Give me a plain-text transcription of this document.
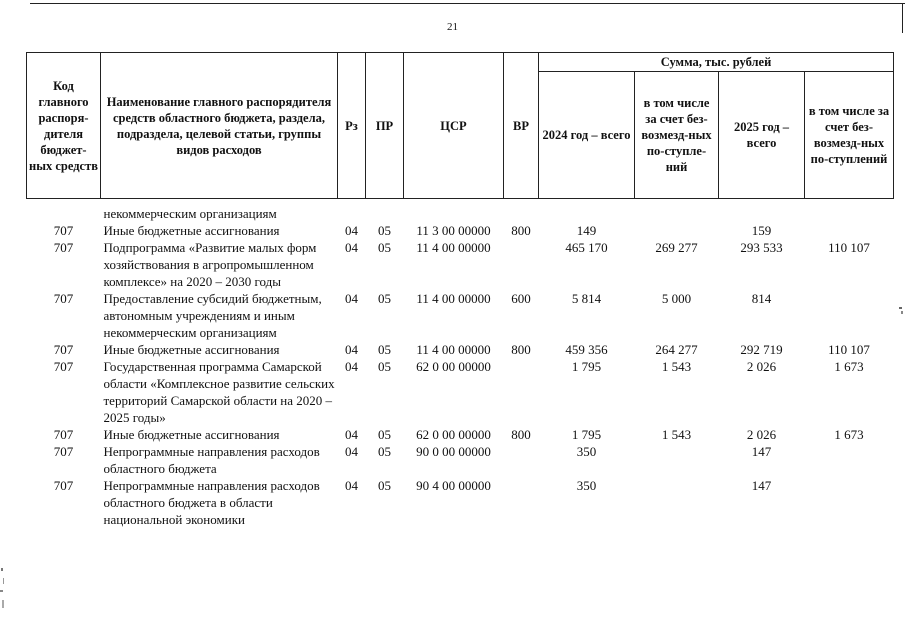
21
Код главного распоря-дителя бюджет-ных средств	Наименование главного распорядителя средств областного бюджета, раздела, подраздела, целевой статьи, группы видов расходов	Рз	ПР	ЦСР	ВР	Сумма, тыс. рублей			
						2024 год – всего	в том числе за счет без-возмезд-ных по-ступле-ний	2025 год – всего	в том числе за счет без-возмезд-ных по-ступлений

	некоммерческим организациям								
707	Иные бюджетные ассигнования	04	05	11 3 00 00000	800	149		159	
707	Подпрограмма «Развитие малых форм хозяйствования в агропромышленном комплексе» на 2020 – 2030 годы	04	05	11 4 00 00000		465 170	269 277	293 533	110 107
707	Предоставление субсидий бюджетным, автономным учреждениям и иным некоммерческим организациям	04	05	11 4 00 00000	600	5 814	5 000	814	
707	Иные бюджетные ассигнования	04	05	11 4 00 00000	800	459 356	264 277	292 719	110 107
707	Государственная программа Самарской области «Комплексное развитие сельских территорий Самарской области на 2020 – 2025 годы»	04	05	62 0 00 00000		1 795	1 543	2 026	1 673
707	Иные бюджетные ассигнования	04	05	62 0 00 00000	800	1 795	1 543	2 026	1 673
707	Непрограммные направления расходов областного бюджета	04	05	90 0 00 00000		350		147	
707	Непрограммные направления расходов областного бюджета в области национальной экономики	04	05	90 4 00 00000		350		147	
